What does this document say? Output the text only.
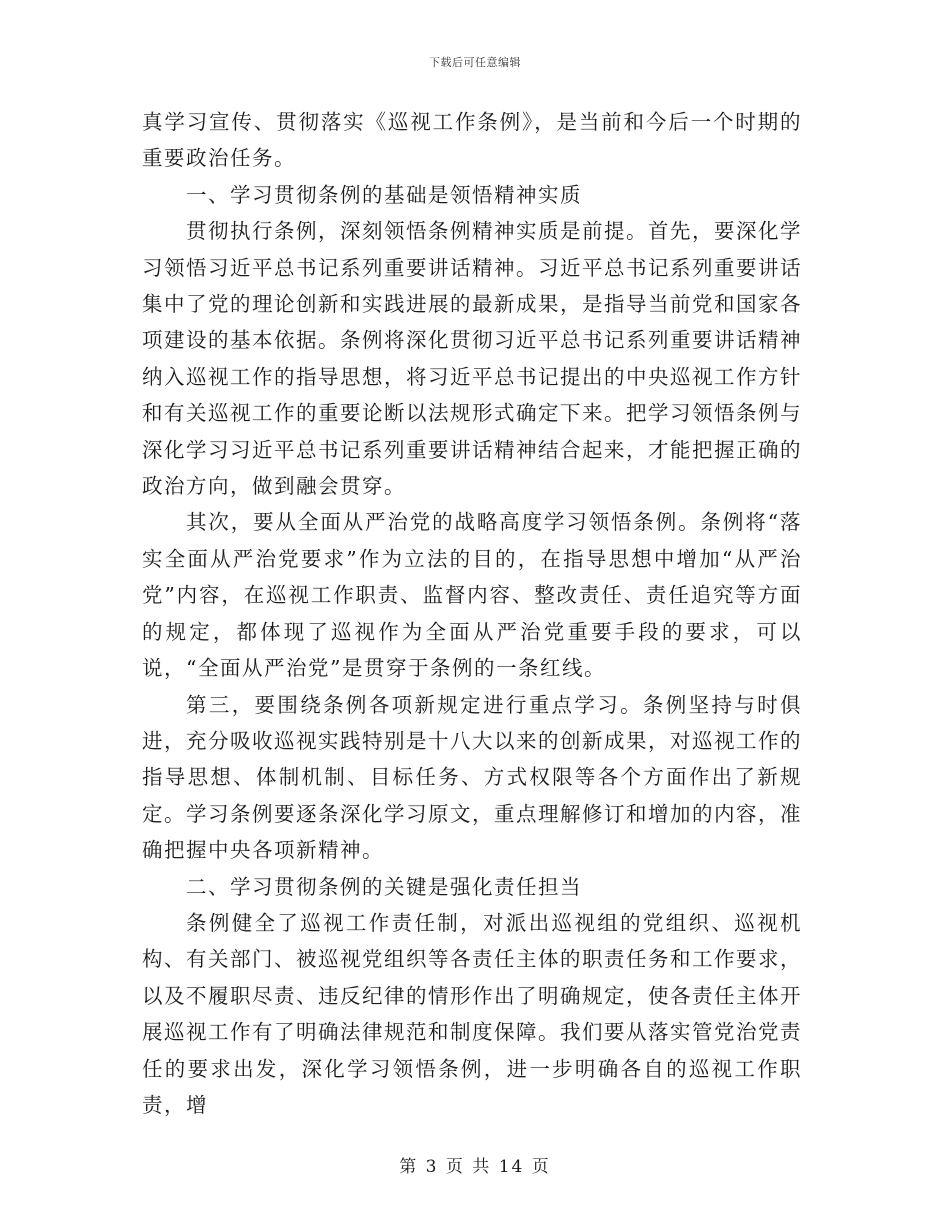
下载后可任意编辑

真学习宣传、贯彻落实《巡视工作条例》，是当前和今后一个时期的重要政治任务。

一、学习贯彻条例的基础是领悟精神实质

贯彻执行条例，深刻领悟条例精神实质是前提。首先，要深化学习领悟习近平总书记系列重要讲话精神。习近平总书记系列重要讲话集中了党的理论创新和实践进展的最新成果，是指导当前党和国家各项建设的基本依据。条例将深化贯彻习近平总书记系列重要讲话精神纳入巡视工作的指导思想，将习近平总书记提出的中央巡视工作方针和有关巡视工作的重要论断以法规形式确定下来。把学习领悟条例与深化学习习近平总书记系列重要讲话精神结合起来，才能把握正确的政治方向，做到融会贯穿。

其次，要从全面从严治党的战略高度学习领悟条例。条例将“落实全面从严治党要求”作为立法的目的，在指导思想中增加“从严治党”内容，在巡视工作职责、监督内容、整改责任、责任追究等方面的规定，都体现了巡视作为全面从严治党重要手段的要求，可以说，“全面从严治党”是贯穿于条例的一条红线。

第三，要围绕条例各项新规定进行重点学习。条例坚持与时俱进，充分吸收巡视实践特别是十八大以来的创新成果，对巡视工作的指导思想、体制机制、目标任务、方式权限等各个方面作出了新规定。学习条例要逐条深化学习原文，重点理解修订和增加的内容，准确把握中央各项新精神。

二、学习贯彻条例的关键是强化责任担当

条例健全了巡视工作责任制，对派出巡视组的党组织、巡视机构、有关部门、被巡视党组织等各责任主体的职责任务和工作要求，以及不履职尽责、违反纪律的情形作出了明确规定，使各责任主体开展巡视工作有了明确法律规范和制度保障。我们要从落实管党治党责任的要求出发，深化学习领悟条例，进一步明确各自的巡视工作职责，增

第 3 页 共 14 页
